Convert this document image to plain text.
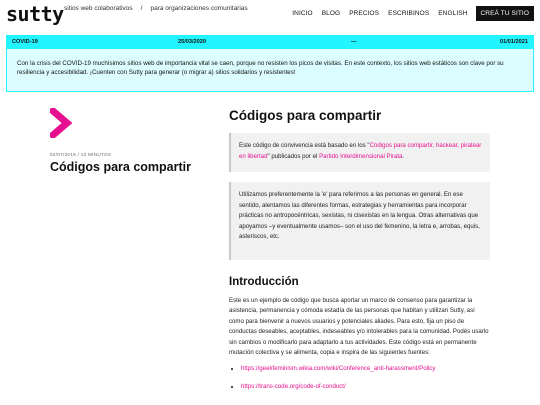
sutty sitios web colaborativos / para organizaciones comunitarias
INICIO BLOG PRECIOS ESCRIBINOS ENGLISH	CREÁ TU SITIO
COVID-19	25/03/2020	—	01/01/2021
Con la crisis del COVID-19 muchísimos sitios web de importancia vital se caen, porque no resisten los picos de visitas. En este contexto, los sitios web estáticos son clave por su resiliencia y accesibilidad. ¡Cuenten con Sutty para generar (o migrar a) sitios solidarios y resistentes!
02/07/2019 / 12 MINUTOS
Códigos para compartir
Códigos para compartir
Este código de convivencia está basado en los "Códigos para compartir, hackear, piratear en libertad" publicados por el Partido Interdimensional Pirata.
Utilizamos preferentemente la 'e' para referirnos a las personas en general. En ese sentido, alentamos las diferentes formas, estrategias y herramientas para incorporar prácticas no antropocéntricas, sexistas, ni cisexistas en la lengua. Otras alternativas que apoyamos –y eventualmente usamos– son el uso del femenino, la letra e, arrobas, equis, asteriscos, etc.
Introducción

Este es un ejemplo de código que busca aportar un marco de consenso para garantizar la asistencia, permanencia y cómoda estadía de las personas que habitan y utilizan Sutty, así como para bienvenir a nuevos usuarios y potenciales aliades. Para esto, fija un piso de conductas deseables, aceptables, indeseables y/o intolerables para la comunidad. Podés usarlo sin cambios o modificarlo para adaptarlo a tus actividades. Este código está en permanente mutación colectiva y se alimenta, copia e inspira de las siguientes fuentes:

• https://geekfeminism.wikia.com/wiki/Conference_anti-harassment/Policy
• https://trans-code.org/code-of-conduct/
